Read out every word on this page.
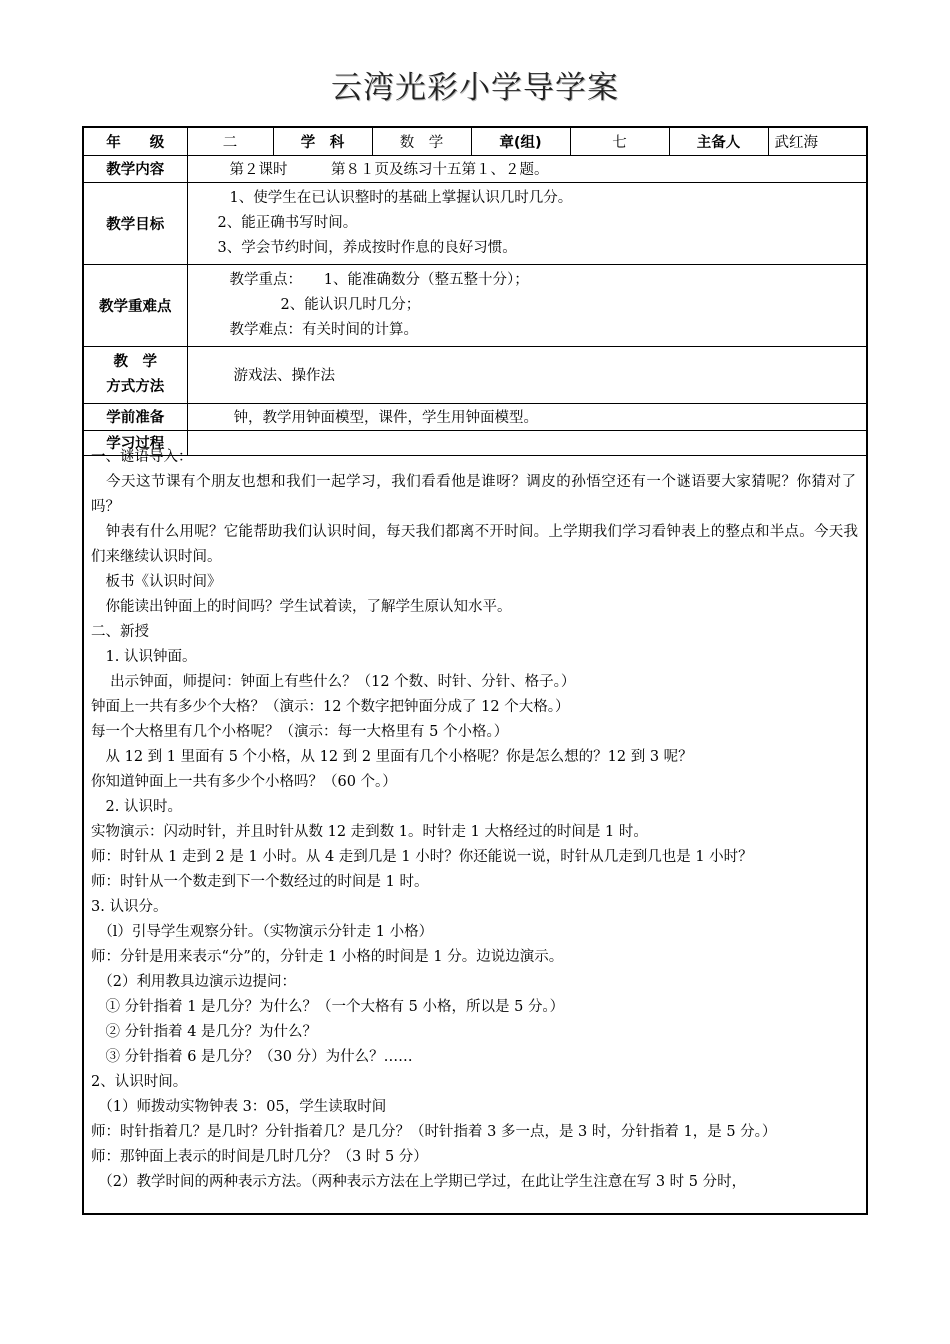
云湾光彩小学导学案
年　　级	二	学　科	数　学	章(组)	七	主备人	武红海
教学内容	第２课时　　　第８１页及练习十五第１、２题。						
教学目标	1、使学生在已认识整时的基础上掌握认识几时几分。
2、能正确书写时间。
3、学会节约时间，养成按时作息的良好习惯。						

教学重难点	教学重点：　　1、能准确数分（整五整十分）；
2、能认识几时几分；
教学难点：有关时间的计算。						

教　学
方式方法	游戏法、操作法						
学前准备	钟，教学用钟面模型，课件，学生用钟面模型。						
学习过程							
一、谜语导入：
　今天这节课有个朋友也想和我们一起学习，我们看看他是谁呀？调皮的孙悟空还有一个谜语要大家猜呢？你猜对了吗？
　钟表有什么用呢？它能帮助我们认识时间，每天我们都离不开时间。上学期我们学习看钟表上的整点和半点。今天我们来继续认识时间。
　板书《认识时间》
　你能读出钟面上的时间吗？学生试着读，了解学生原认知水平。
二、新授
　1. 认识钟面。
　 出示钟面，师提问：钟面上有些什么？（12 个数、时针、分针、格子。）
钟面上一共有多少个大格？（演示：12 个数字把钟面分成了 12 个大格。）
每一个大格里有几个小格呢？（演示：每一大格里有 5 个小格。）
　从 12 到 1 里面有 5 个小格，从 12 到 2 里面有几个小格呢？你是怎么想的？12 到 3 呢？
你知道钟面上一共有多少个小格吗？（60 个。）
　2. 认识时。
实物演示：闪动时针，并且时针从数 12 走到数 1。时针走 1 大格经过的时间是 1 时。
师：时针从 1 走到 2 是 1 小时。从 4 走到几是 1 小时？你还能说一说，时针从几走到几也是 1 小时？
师：时针从一个数走到下一个数经过的时间是 1 时。
3. 认识分。
　（l）引导学生观察分针。（实物演示分针走 1 小格）
师：分针是用来表示“分”的，分针走 1 小格的时间是 1 分。边说边演示。
　（2）利用教具边演示边提问：
　① 分针指着 1 是几分？为什么？（一个大格有 5 小格，所以是 5 分。）
　② 分针指着 4 是几分？为什么？
　③ 分针指着 6 是几分？（30 分）为什么？……
2、认识时间。
　（1）师拨动实物钟表 3：05，学生读取时间
师：时针指着几？是几时？分针指着几？是几分？（时针指着 3 多一点，是 3 时，分针指着 1，是 5 分。）
师：那钟面上表示的时间是几时几分？（3 时 5 分）
　（2）教学时间的两种表示方法。（两种表示方法在上学期已学过，在此让学生注意在写 3 时 5 分时，
